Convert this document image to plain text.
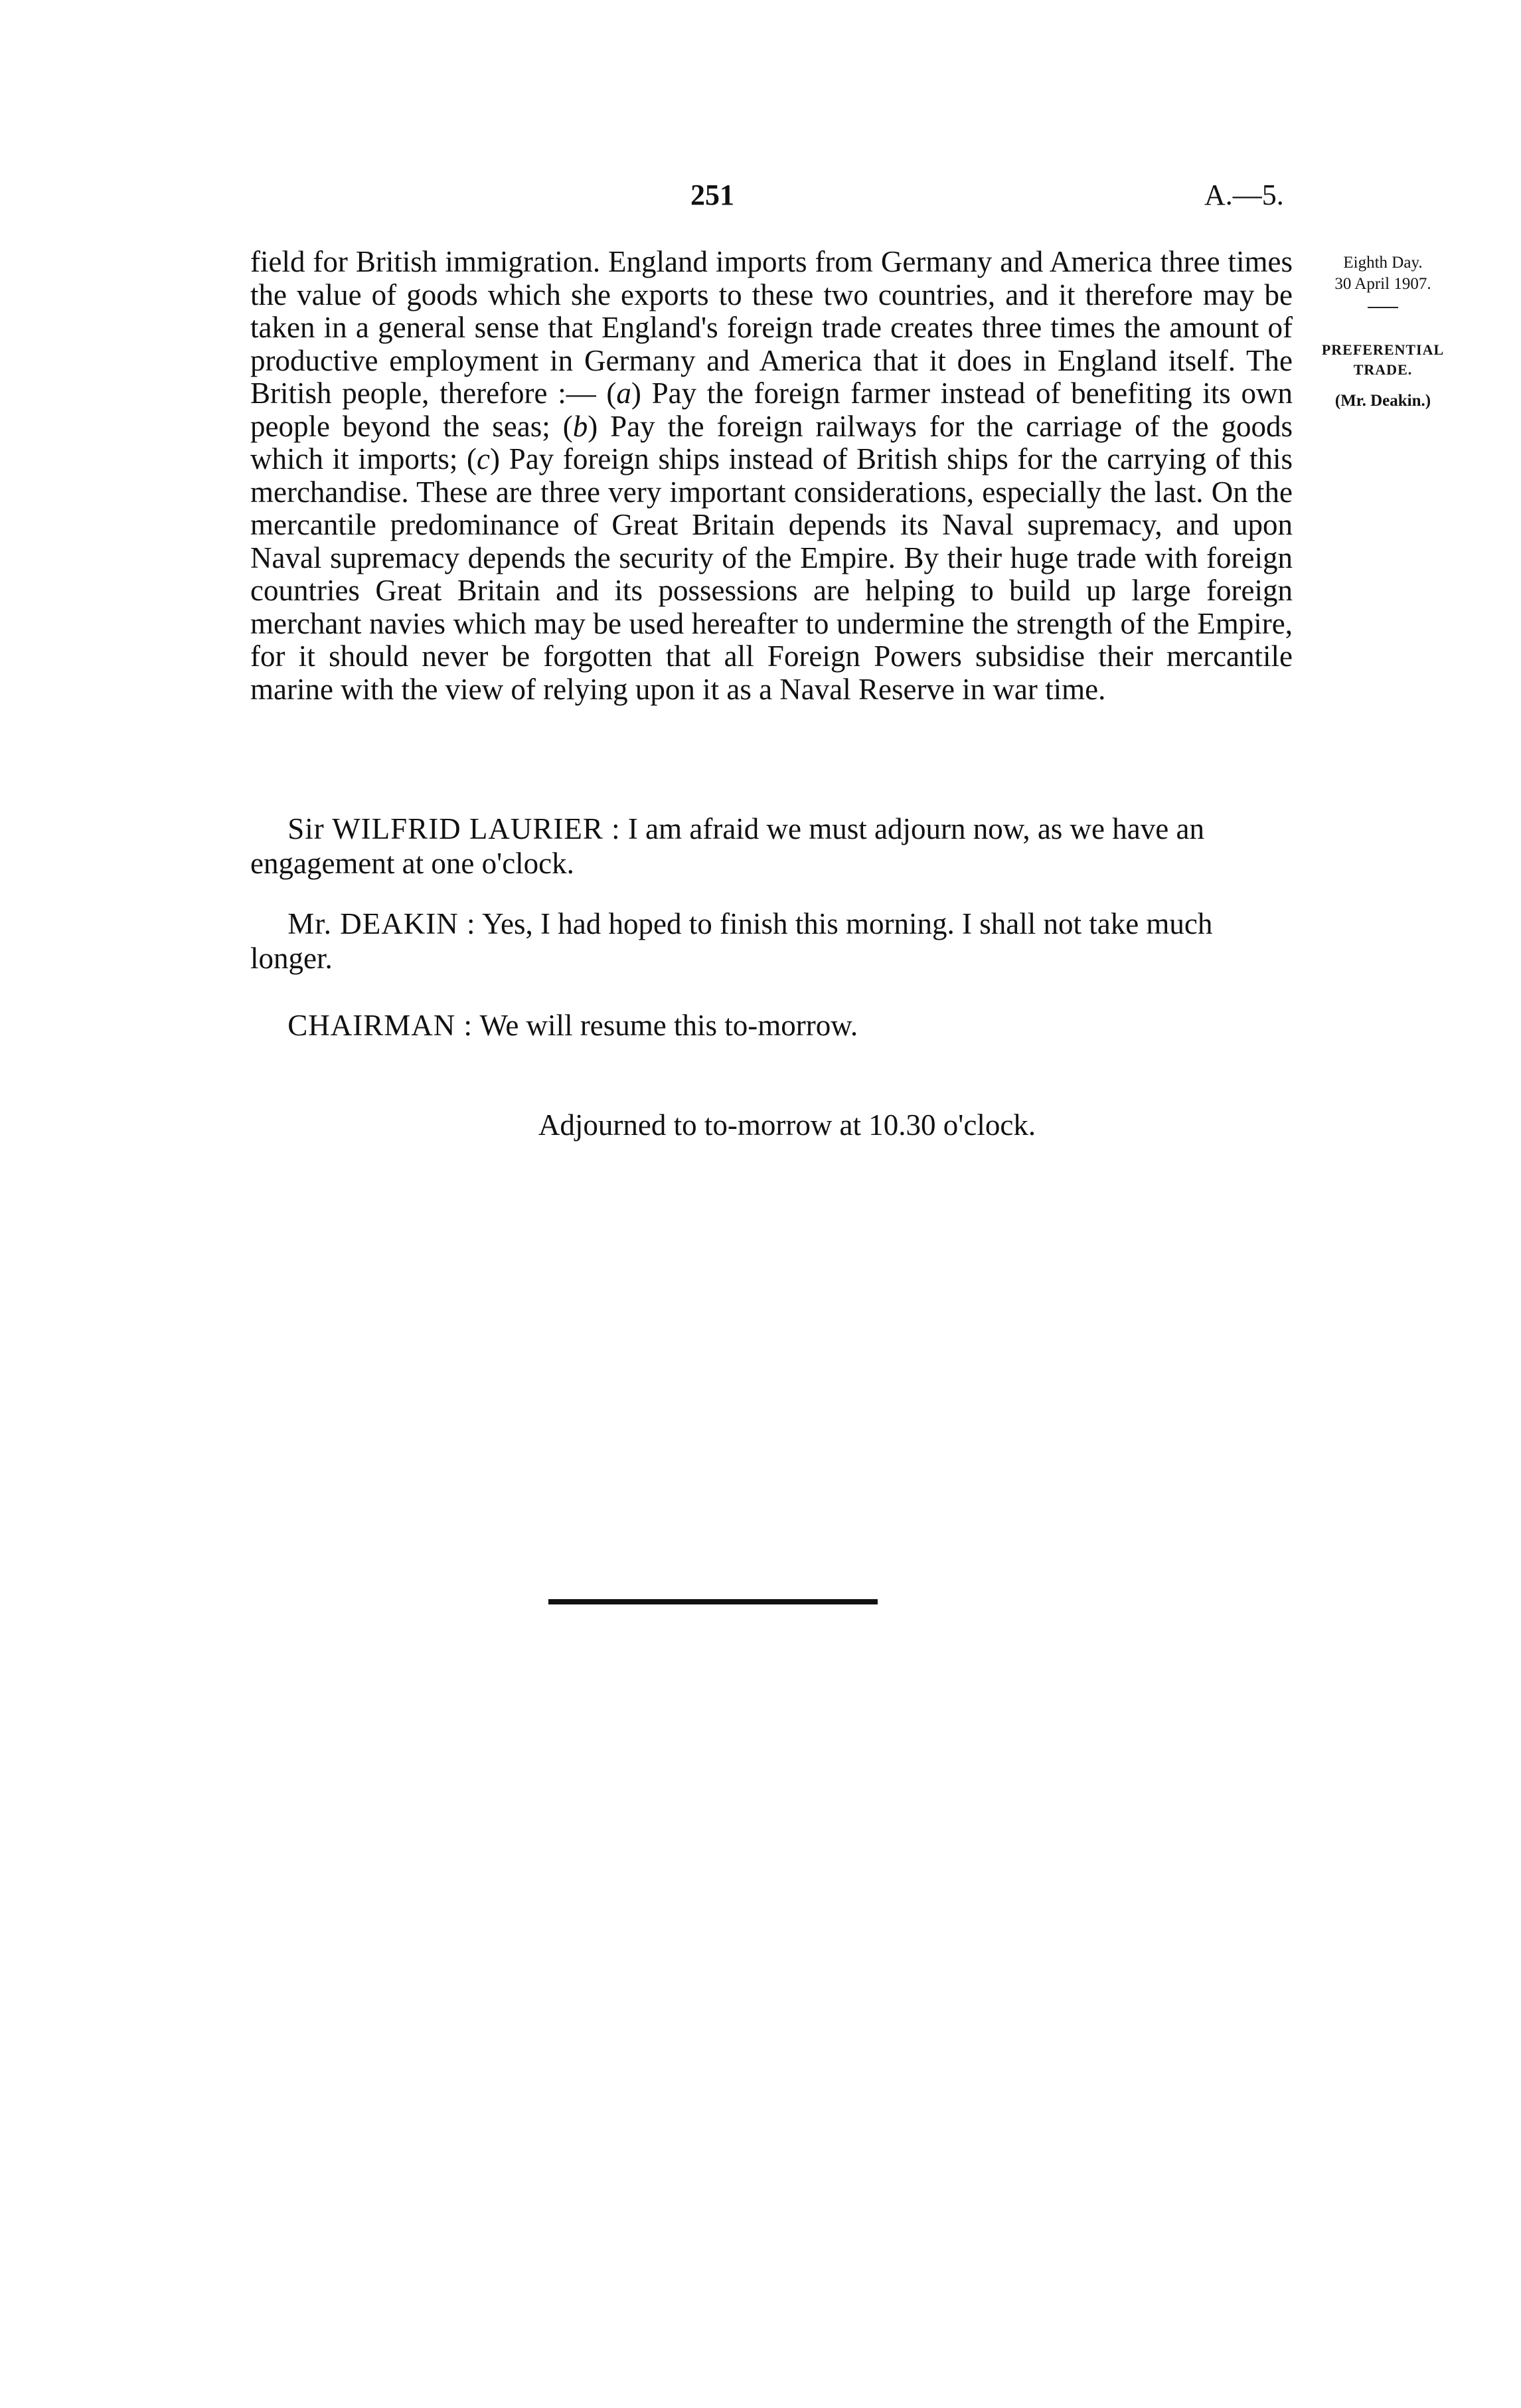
251	A.—5.
Eighth Day.
30 April 1907.
PREFERENTIAL
TRADE.
(Mr. Deakin.)

field for British immigration. England imports from Germany and America three times the value of goods which she exports to these two countries, and it therefore may be taken in a general sense that England's foreign trade creates three times the amount of productive employment in Germany and America that it does in England itself. The British people, therefore :— (a) Pay the foreign farmer instead of benefiting its own people beyond the seas; (b) Pay the foreign railways for the carriage of the goods which it imports; (c) Pay foreign ships instead of British ships for the carrying of this merchandise. These are three very important considerations, especially the last. On the mercantile predominance of Great Britain depends its Naval supremacy, and upon Naval supremacy depends the security of the Empire. By their huge trade with foreign countries Great Britain and its possessions are helping to build up large foreign merchant navies which may be used hereafter to undermine the strength of the Empire, for it should never be forgotten that all Foreign Powers subsidise their mercantile marine with the view of relying upon it as a Naval Reserve in war time.

Sir WILFRID LAURIER : I am afraid we must adjourn now, as we have an engagement at one o'clock.

Mr. DEAKIN : Yes, I had hoped to finish this morning. I shall not take much longer.

CHAIRMAN : We will resume this to-morrow.

Adjourned to to-morrow at 10.30 o'clock.
